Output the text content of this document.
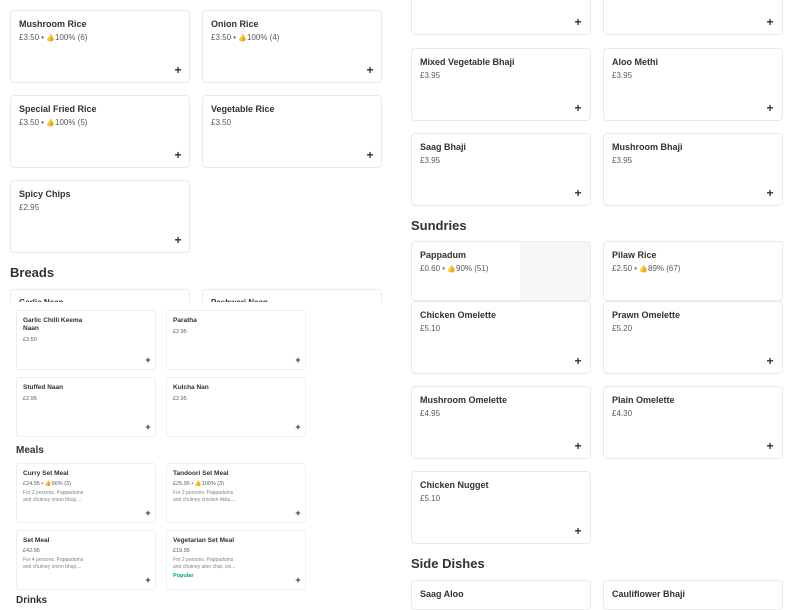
Mushroom Rice
£3.50 • 👍100% (6)
+
Onion Rice
£3.50 • 👍100% (4)
+
Special Fried Rice
£3.50 • 👍100% (5)
+
Vegetable Rice
£3.50
+
Spicy Chips
£2.95
+
Breads
Garlic Chilli Keema Naan
£3.50
+
Paratha
£2.95
+
Stuffed Naan
£2.95
+
Kulcha Nan
£2.95
+
Meals
Curry Set Meal
£24.95 • 👍66% (3)
For 2 persons. Pappadums and chutney onion bhaji,...
+
Tandoori Set Meal
£25.95 • 👍100% (3)
For 2 persons. Pappadums and chutney chicken tikka,...
+
Set Meal
£42.95
For 4 persons. Pappadums and chutney onion bhaji,...
+
Vegetarian Set Meal
£19.95
For 2 persons. Pappadums and chutney aloo chat, oni...
Popular	+
Drinks
+	+
Mixed Vegetable Bhaji
£3.95
+
Aloo Methi
£3.95
+
Saag Bhaji
£3.95
+
Mushroom Bhaji
£3.95
+
Sundries
Pappadum
£0.60 • 👍90% (51)
Pilaw Rice
£2.50 • 👍89% (67)
Chicken Omelette
£5.10
+
Prawn Omelette
£5.20
+
Mushroom Omelette
£4.95
+
Plain Omelette
£4.30
+
Chicken Nugget
£5.10
+
Side Dishes
Saag Aloo	Cauliflower Bhaji
